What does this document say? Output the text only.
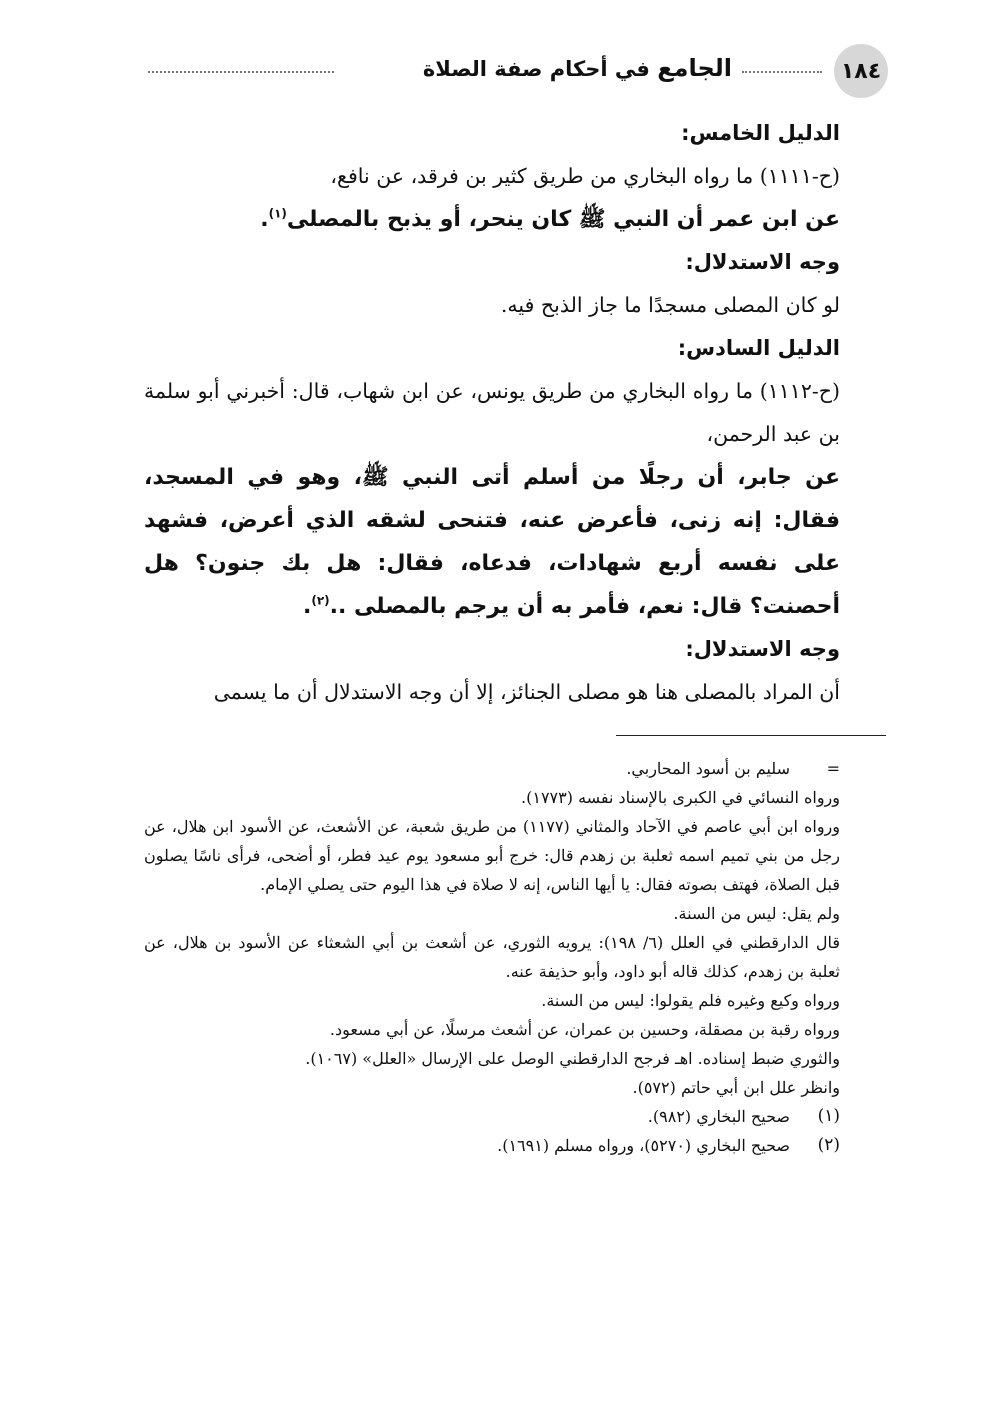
١٨٤
الجامع في أحكام صفة الصلاة

الدليل الخامس:

(ح-١١١١) ما رواه البخاري من طريق كثير بن فرقد، عن نافع،

عن ابن عمر أن النبي ﷺ كان ينحر، أو يذبح بالمصلى$^{(١)}$.

وجه الاستدلال:

لو كان المصلى مسجدًا ما جاز الذبح فيه.

الدليل السادس:

(ح-١١١٢) ما رواه البخاري من طريق يونس، عن ابن شهاب، قال: أخبرني أبو سلمة بن عبد الرحمن،

عن جابر، أن رجلًا من أسلم أتى النبي ﷺ، وهو في المسجد، فقال: إنه زنى، فأعرض عنه، فتنحى لشقه الذي أعرض، فشهد على نفسه أربع شهادات، فدعاه، فقال: هل بك جنون؟ هل أحصنت؟ قال: نعم، فأمر به أن يرجم بالمصلى ..$^{(٢)}$.

وجه الاستدلال:

أن المراد بالمصلى هنا هو مصلى الجنائز، إلا أن وجه الاستدلال أن ما يسمى

=
سليم بن أسود المحاربي.

ورواه النسائي في الكبرى بالإسناد نفسه (١٧٧٣).

ورواه ابن أبي عاصم في الآحاد والمثاني (١١٧٧) من طريق شعبة، عن الأشعث، عن الأسود ابن هلال، عن رجل من بني تميم اسمه ثعلبة بن زهدم قال: خرج أبو مسعود يوم عيد فطر، أو أضحى، فرأى ناسًا يصلون قبل الصلاة، فهتف بصوته فقال: يا أيها الناس، إنه لا صلاة في هذا اليوم حتى يصلي الإمام.

ولم يقل: ليس من السنة.

قال الدارقطني في العلل (٦/ ١٩٨): يرويه الثوري، عن أشعث بن أبي الشعثاء عن الأسود بن هلال، عن ثعلبة بن زهدم، كذلك قاله أبو داود، وأبو حذيفة عنه.

ورواه وكيع وغيره فلم يقولوا: ليس من السنة.

ورواه رقبة بن مصقلة، وحسين بن عمران، عن أشعث مرسلًا، عن أبي مسعود.

والثوري ضبط إسناده. اهـ فرجح الدارقطني الوصل على الإرسال «العلل» (١٠٦٧).

وانظر علل ابن أبي حاتم (٥٧٢).

(١)
صحيح البخاري (٩٨٢).
(٢)
صحيح البخاري (٥٢٧٠)، ورواه مسلم (١٦٩١).
